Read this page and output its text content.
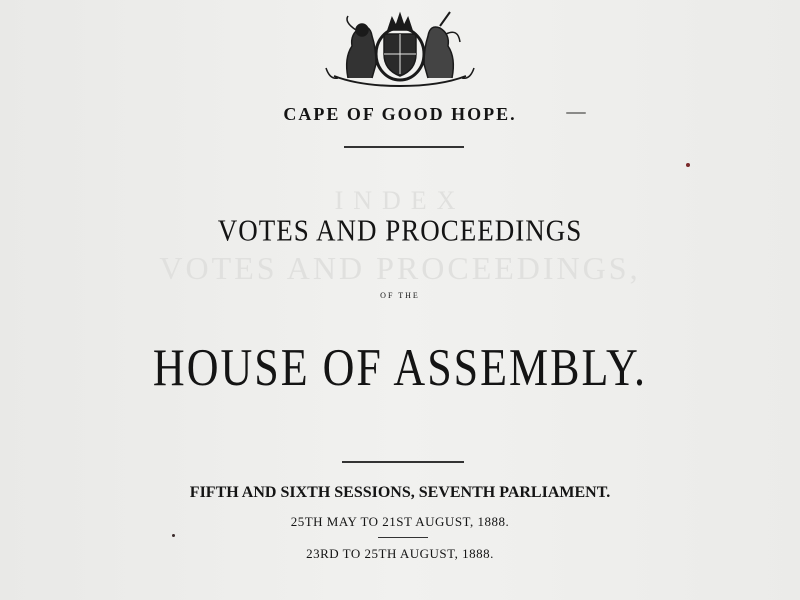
INDEX
VOTES AND PROCEEDINGS,
CAPE OF GOOD HOPE.
VOTES AND PROCEEDINGS
OF THE
HOUSE OF ASSEMBLY.
FIFTH AND SIXTH SESSIONS, SEVENTH PARLIAMENT.
25TH MAY TO 21ST AUGUST, 1888.
23RD TO 25TH AUGUST, 1888.
